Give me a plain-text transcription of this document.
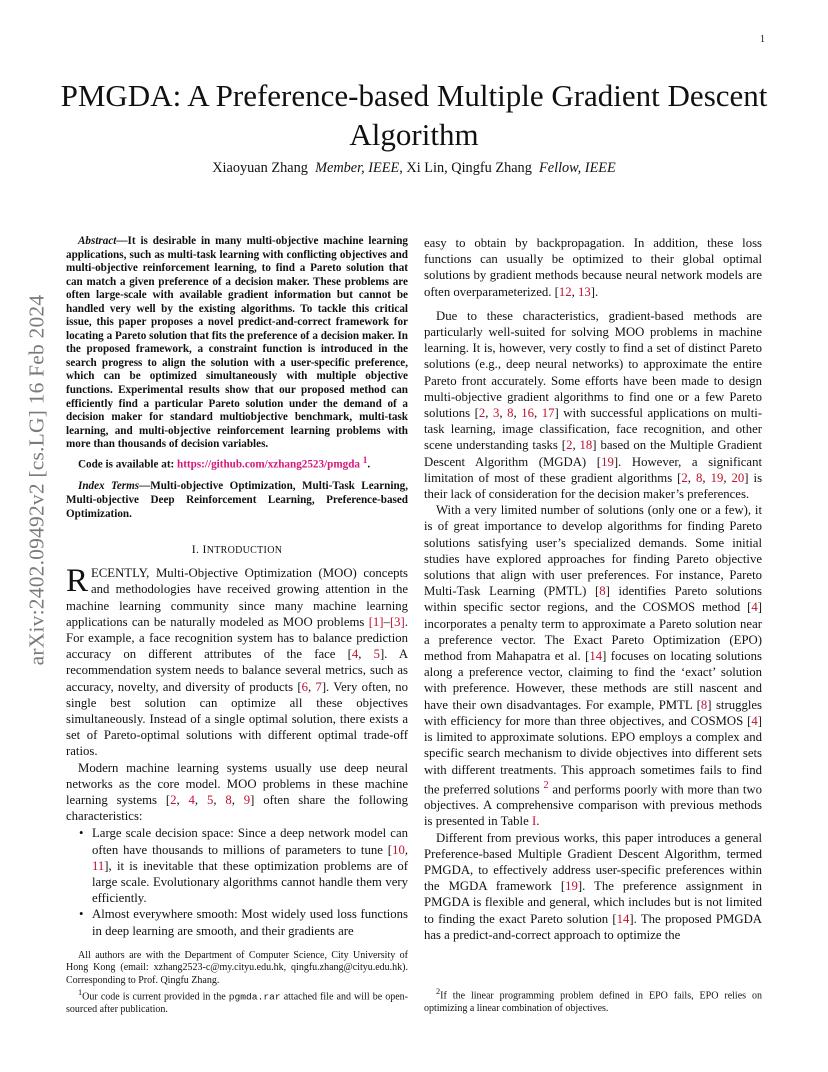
1
arXiv:2402.09492v2 [cs.LG] 16 Feb 2024
PMGDA: A Preference-based Multiple Gradient Descent Algorithm
Xiaoyuan Zhang Member, IEEE, Xi Lin, Qingfu Zhang Fellow, IEEE

Abstract—It is desirable in many multi-objective machine learning applications, such as multi-task learning with conflicting objectives and multi-objective reinforcement learning, to find a Pareto solution that can match a given preference of a decision maker. These problems are often large-scale with available gradient information but cannot be handled very well by the existing algorithms. To tackle this critical issue, this paper proposes a novel predict-and-correct framework for locating a Pareto solution that fits the preference of a decision maker. In the proposed framework, a constraint function is introduced in the search progress to align the solution with a user-specific preference, which can be optimized simultaneously with multiple objective functions. Experimental results show that our proposed method can efficiently find a particular Pareto solution under the demand of a decision maker for standard multiobjective benchmark, multi-task learning, and multi-objective reinforcement learning problems with more than thousands of decision variables.

Code is available at: https://github.com/xzhang2523/pmgda $^1$.

Index Terms—Multi-objective Optimization, Multi-Task Learning, Multi-objective Deep Reinforcement Learning, Preference-based Optimization.

I. INTRODUCTION

RECENTLY, Multi-Objective Optimization (MOO) concepts and methodologies have received growing attention in the machine learning community since many machine learning applications can be naturally modeled as MOO problems [1]–[3]. For example, a face recognition system has to balance prediction accuracy on different attributes of the face [4, 5]. A recommendation system needs to balance several metrics, such as accuracy, novelty, and diversity of products [6, 7]. Very often, no single best solution can optimize all these objectives simultaneously. Instead of a single optimal solution, there exists a set of Pareto-optimal solutions with different optimal trade-off ratios.

Modern machine learning systems usually use deep neural networks as the core model. MOO problems in these machine learning systems [2, 4, 5, 8, 9] often share the following characteristics:

• Large scale decision space: Since a deep network model can often have thousands to millions of parameters to tune [10, 11], it is inevitable that these optimization problems are of large scale. Evolutionary algorithms cannot handle them very efficiently.
• Almost everywhere smooth: Most widely used loss functions in deep learning are smooth, and their gradients are

All authors are with the Department of Computer Science, City University of Hong Kong (email: xzhang2523-c@my.cityu.edu.hk, qingfu.zhang@cityu.edu.hk). Corresponding to Prof. Qingfu Zhang.

$^1$Our code is current provided in the pgmda.rar attached file and will be open-sourced after publication.

easy to obtain by backpropagation. In addition, these loss functions can usually be optimized to their global optimal solutions by gradient methods because neural network models are often overparameterized. [12, 13].

Due to these characteristics, gradient-based methods are particularly well-suited for solving MOO problems in machine learning. It is, however, very costly to find a set of distinct Pareto solutions (e.g., deep neural networks) to approximate the entire Pareto front accurately. Some efforts have been made to design multi-objective gradient algorithms to find one or a few Pareto solutions [2, 3, 8, 16, 17] with successful applications on multi-task learning, image classification, face recognition, and other scene understanding tasks [2, 18] based on the Multiple Gradient Descent Algorithm (MGDA) [19]. However, a significant limitation of most of these gradient algorithms [2, 8, 19, 20] is their lack of consideration for the decision maker’s preferences.

With a very limited number of solutions (only one or a few), it is of great importance to develop algorithms for finding Pareto solutions satisfying user’s specialized demands. Some initial studies have explored approaches for finding Pareto objective solutions that align with user preferences. For instance, Pareto Multi-Task Learning (PMTL) [8] identifies Pareto solutions within specific sector regions, and the COSMOS method [4] incorporates a penalty term to approximate a Pareto solution near a preference vector. The Exact Pareto Optimization (EPO) method from Mahapatra et al. [14] focuses on locating solutions along a preference vector, claiming to find the ‘exact’ solution with preference. However, these methods are still nascent and have their own disadvantages. For example, PMTL [8] struggles with efficiency for more than three objectives, and COSMOS [4] is limited to approximate solutions. EPO employs a complex and specific search mechanism to divide objectives into different sets with different treatments. This approach sometimes fails to find the preferred solutions $^2$ and performs poorly with more than two objectives. A comprehensive comparison with previous methods is presented in Table I.

Different from previous works, this paper introduces a general Preference-based Multiple Gradient Descent Algorithm, termed PMGDA, to effectively address user-specific preferences within the MGDA framework [19]. The preference assignment in PMGDA is flexible and general, which includes but is not limited to finding the exact Pareto solution [14]. The proposed PMGDA has a predict-and-correct approach to optimize the

$^2$If the linear programming problem defined in EPO fails, EPO relies on optimizing a linear combination of objectives.
